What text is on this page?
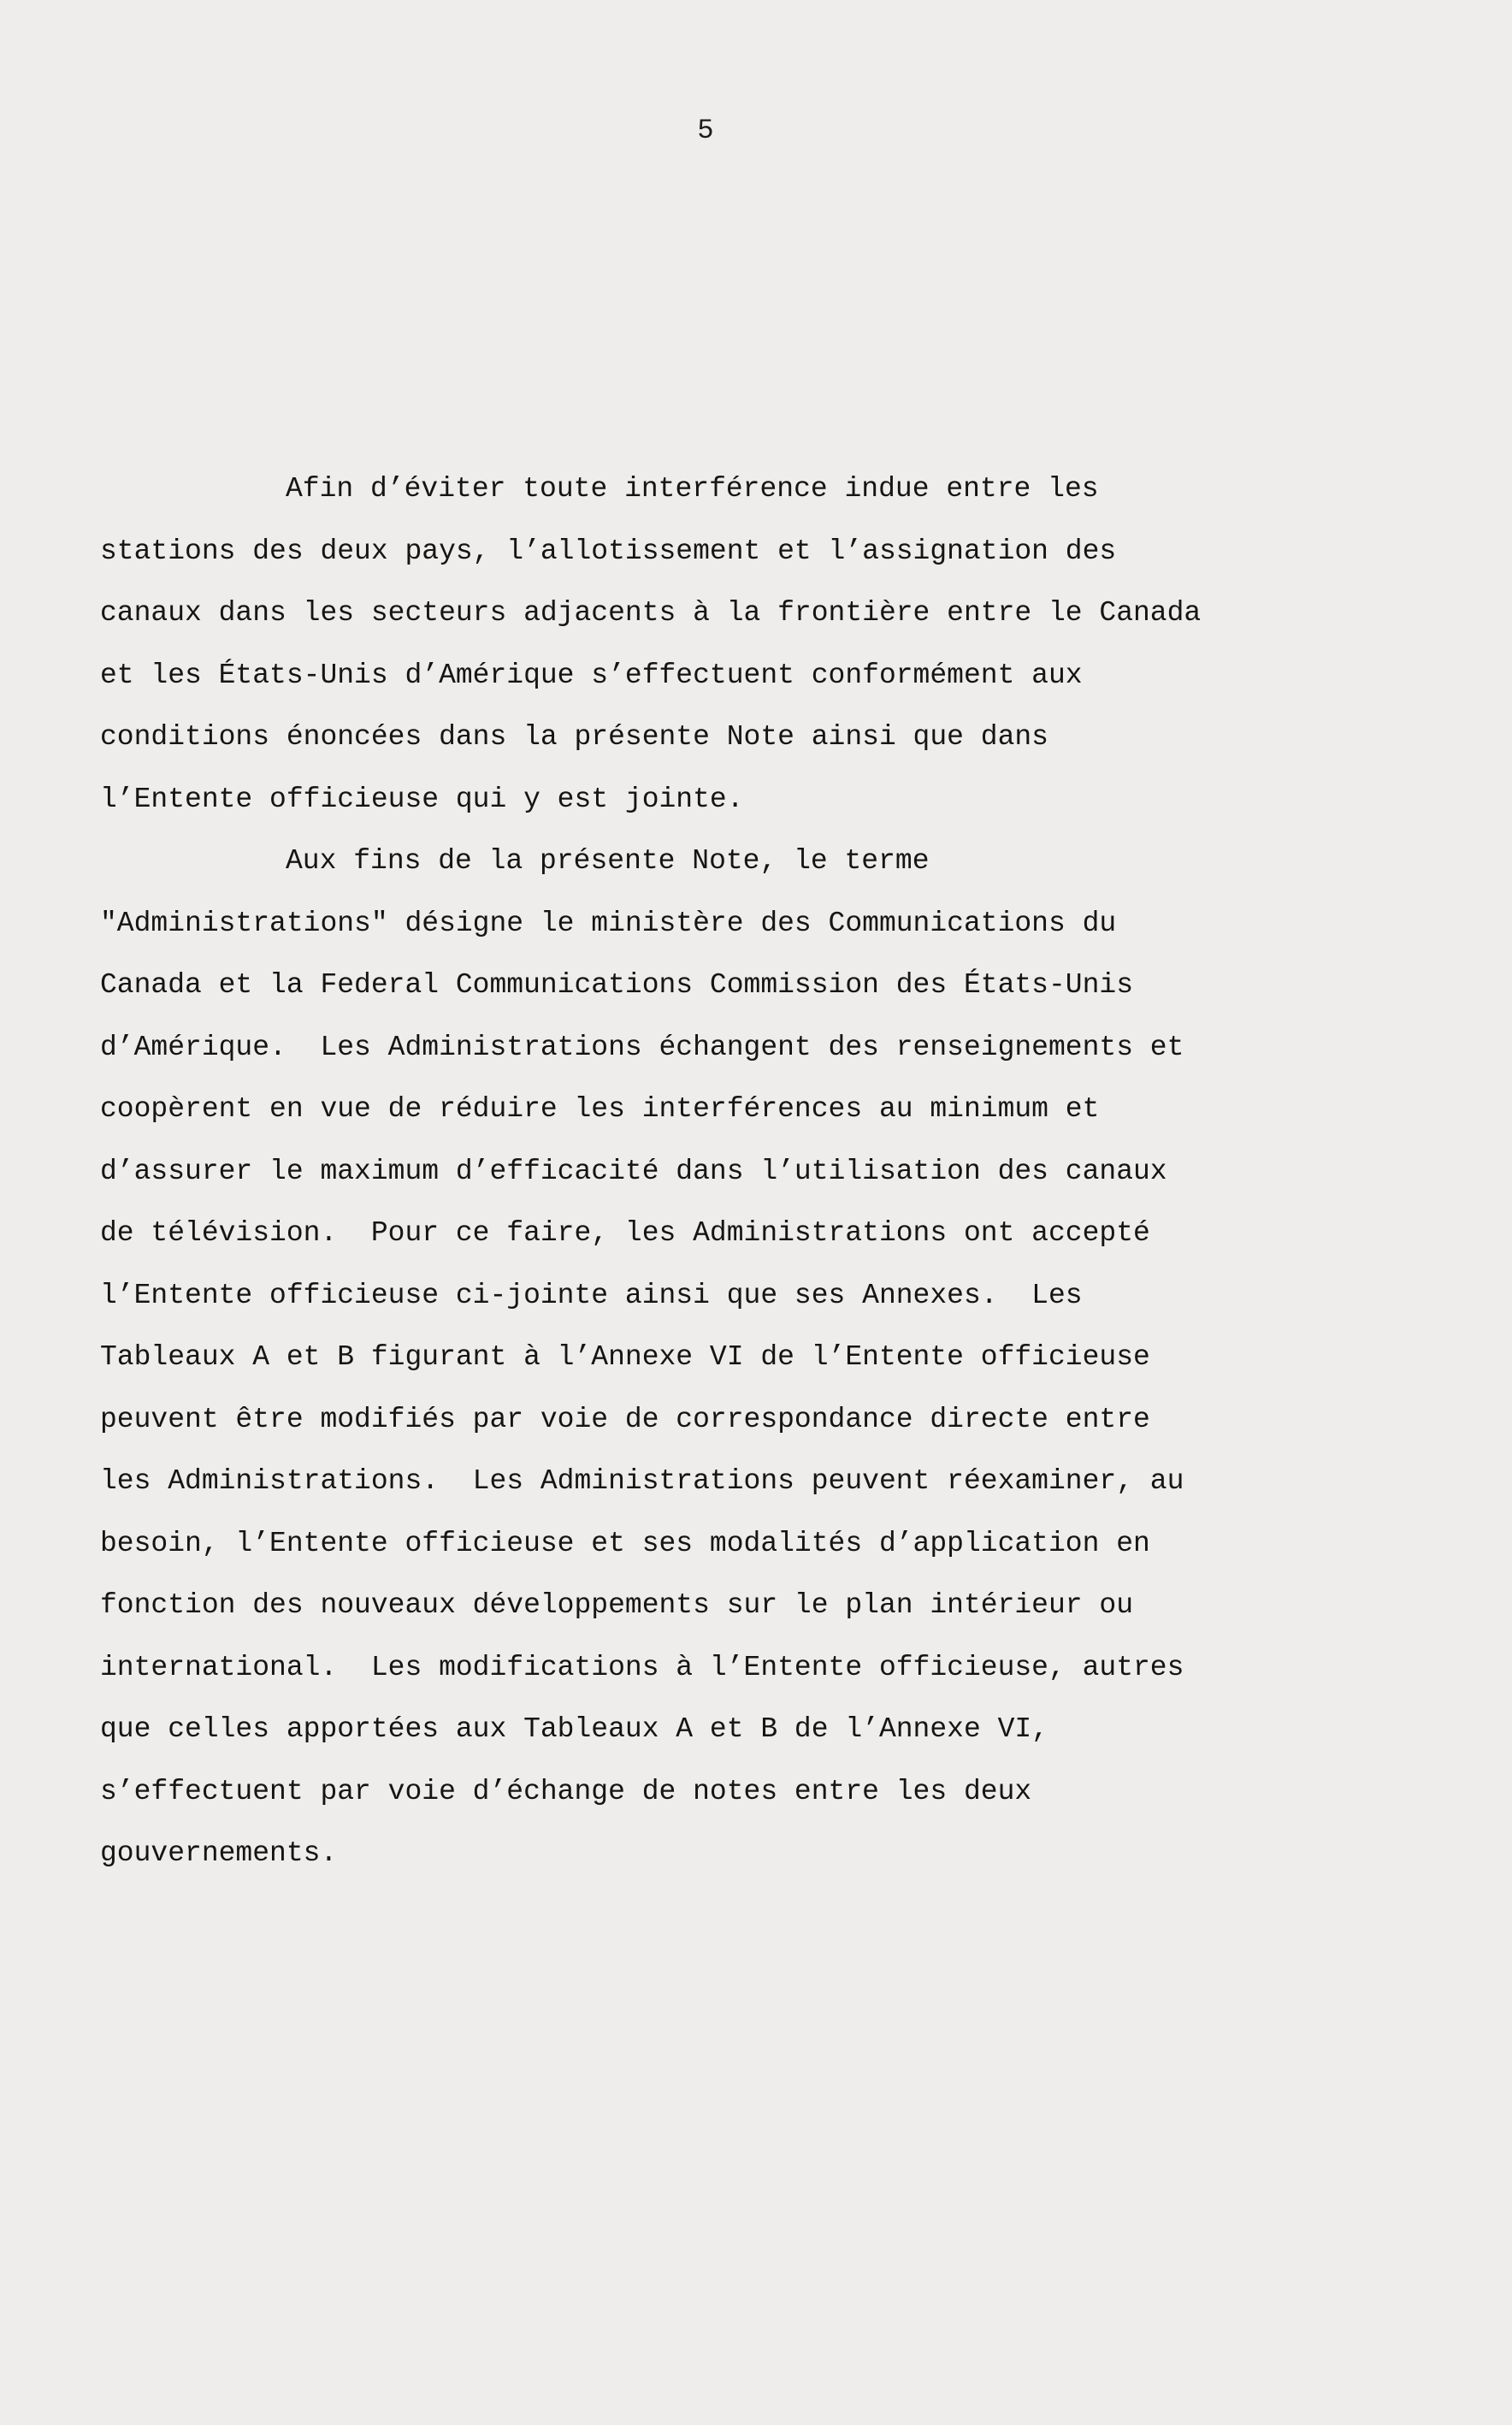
5
Afin d’éviter toute interférence indue entre les
stations des deux pays, l’allotissement et l’assignation des
canaux dans les secteurs adjacents à la frontière entre le Canada
et les États-Unis d’Amérique s’effectuent conformément aux
conditions énoncées dans la présente Note ainsi que dans
l’Entente officieuse qui y est jointe.
Aux fins de la présente Note, le terme
"Administrations" désigne le ministère des Communications du
Canada et la Federal Communications Commission des États-Unis
d’Amérique.  Les Administrations échangent des renseignements et
coopèrent en vue de réduire les interférences au minimum et
d’assurer le maximum d’efficacité dans l’utilisation des canaux
de télévision.  Pour ce faire, les Administrations ont accepté
l’Entente officieuse ci-jointe ainsi que ses Annexes.  Les
Tableaux A et B figurant à l’Annexe VI de l’Entente officieuse
peuvent être modifiés par voie de correspondance directe entre
les Administrations.  Les Administrations peuvent réexaminer, au
besoin, l’Entente officieuse et ses modalités d’application en
fonction des nouveaux développements sur le plan intérieur ou
international.  Les modifications à l’Entente officieuse, autres
que celles apportées aux Tableaux A et B de l’Annexe VI,
s’effectuent par voie d’échange de notes entre les deux
gouvernements.
